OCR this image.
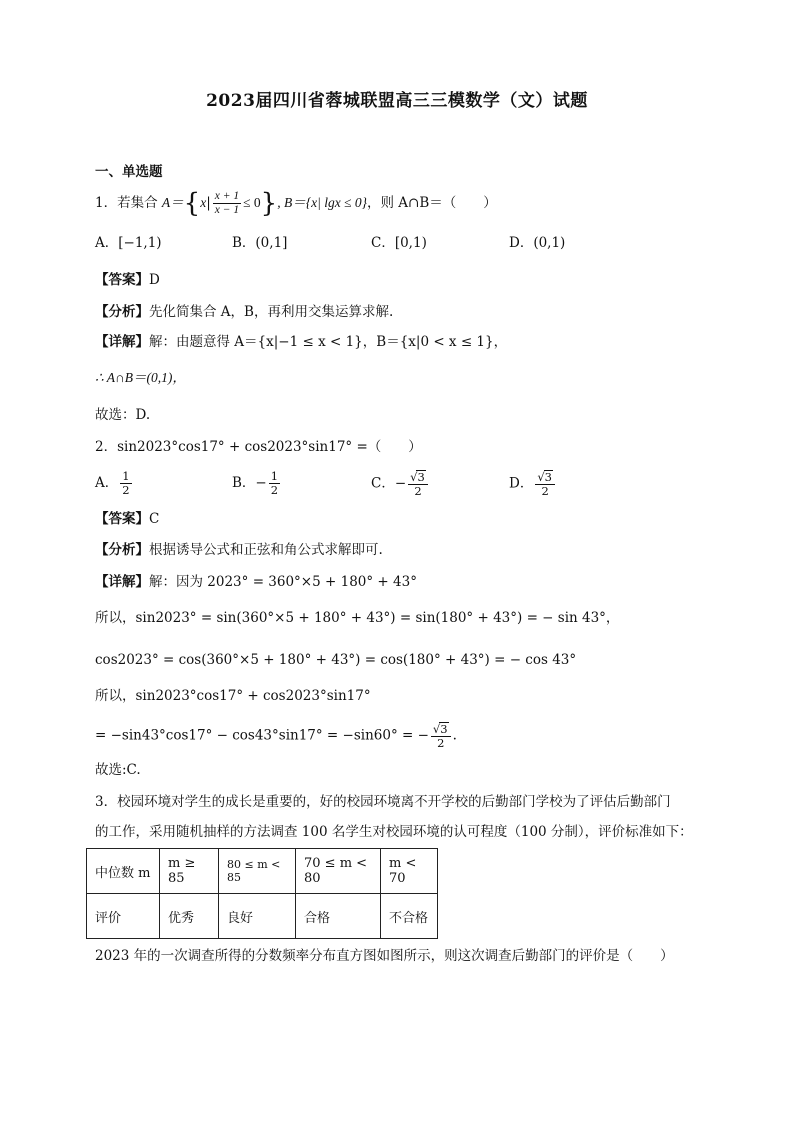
2023届四川省蓉城联盟高三三模数学（文）试题
一、单选题
1．若集合 $A=\{x| \frac{x + 1}{x - 1} \le 0\}$, B＝{x| lgx ≤ 0}，则 A∩B＝（　　）
A．[−1,1)	B．(0,1]	C．[0,1)	D．(0,1)
【答案】D
【分析】先化简集合 A，B，再利用交集运算求解.
【详解】解：由题意得 A＝{x|−1 ≤ x < 1}，B＝{x|0 < x ≤ 1}，
∴ A∩B＝(0,1)，
故选：D.
2．sin2023°cos17° + cos2023°sin17° =（　　）
A． $\frac{1}{2}$	B．− $\frac{1}{2}$	C．− $\frac{√3}{2}$	D． $\frac{√3}{2}$
【答案】C
【分析】根据诱导公式和正弦和角公式求解即可.
【详解】解：因为 2023° = 360°×5 + 180° + 43°
所以，sin2023° = sin(360°×5 + 180° + 43°) = sin(180° + 43°) = − sin 43°，
cos2023° = cos(360°×5 + 180° + 43°) = cos(180° + 43°) = − cos 43°
所以，sin2023°cos17° + cos2023°sin17°
= −sin43°cos17° − cos43°sin17° = −sin60° = − $\frac{√3}{2}$ .
故选:C.
3．校园环境对学生的成长是重要的，好的校园环境离不开学校的后勤部门学校为了评估后勤部门
的工作，采用随机抽样的方法调查 100 名学生对校园环境的认可程度（100 分制），评价标准如下：
中位数 m	m ≥ 85	80 ≤ m < 85	70 ≤ m < 80	m < 70
评价	优秀	良好	合格	不合格
2023 年的一次调查所得的分数频率分布直方图如图所示，则这次调查后勤部门的评价是（　　）
